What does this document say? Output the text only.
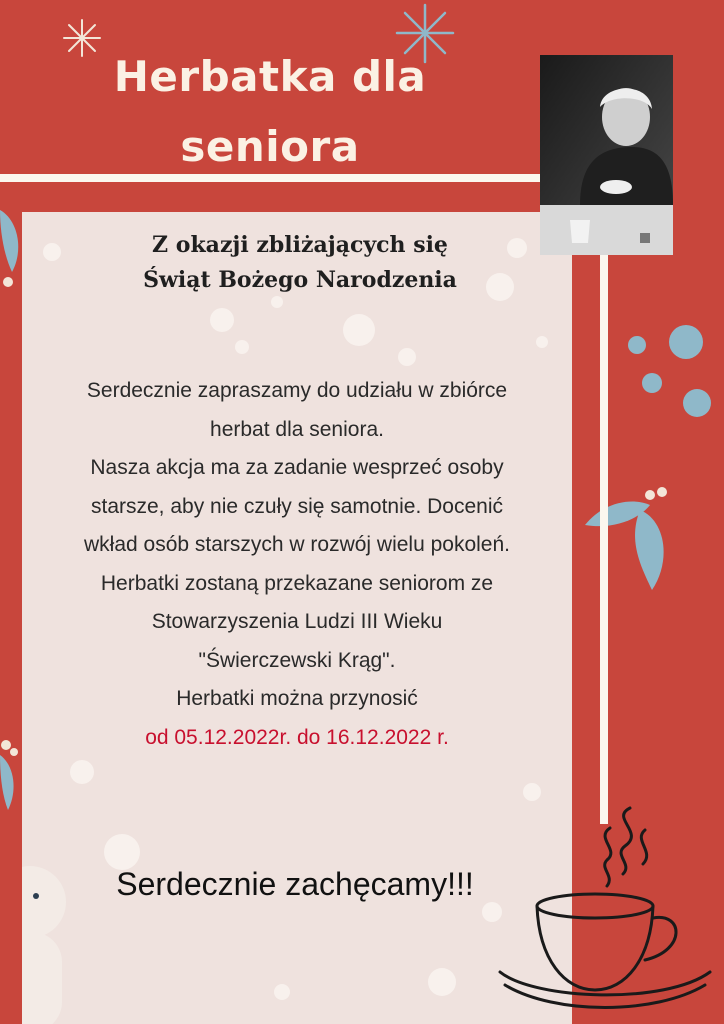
Herbatka dla
seniora
Z okazji zbliżających się
Świąt Bożego Narodzenia

Serdecznie zapraszamy do udziału w zbiórce

herbat dla seniora.

Nasza akcja ma za zadanie wesprzeć osoby

starsze, aby nie czuły się samotnie. Docenić

wkład osób starszych w rozwój wielu pokoleń.

Herbatki zostaną przekazane seniorom ze

Stowarzyszenia Ludzi III Wieku

"Świerczewski Krąg".

Herbatki można przynosić

od 05.12.2022r. do 16.12.2022 r.

Serdecznie zachęcamy!!!
